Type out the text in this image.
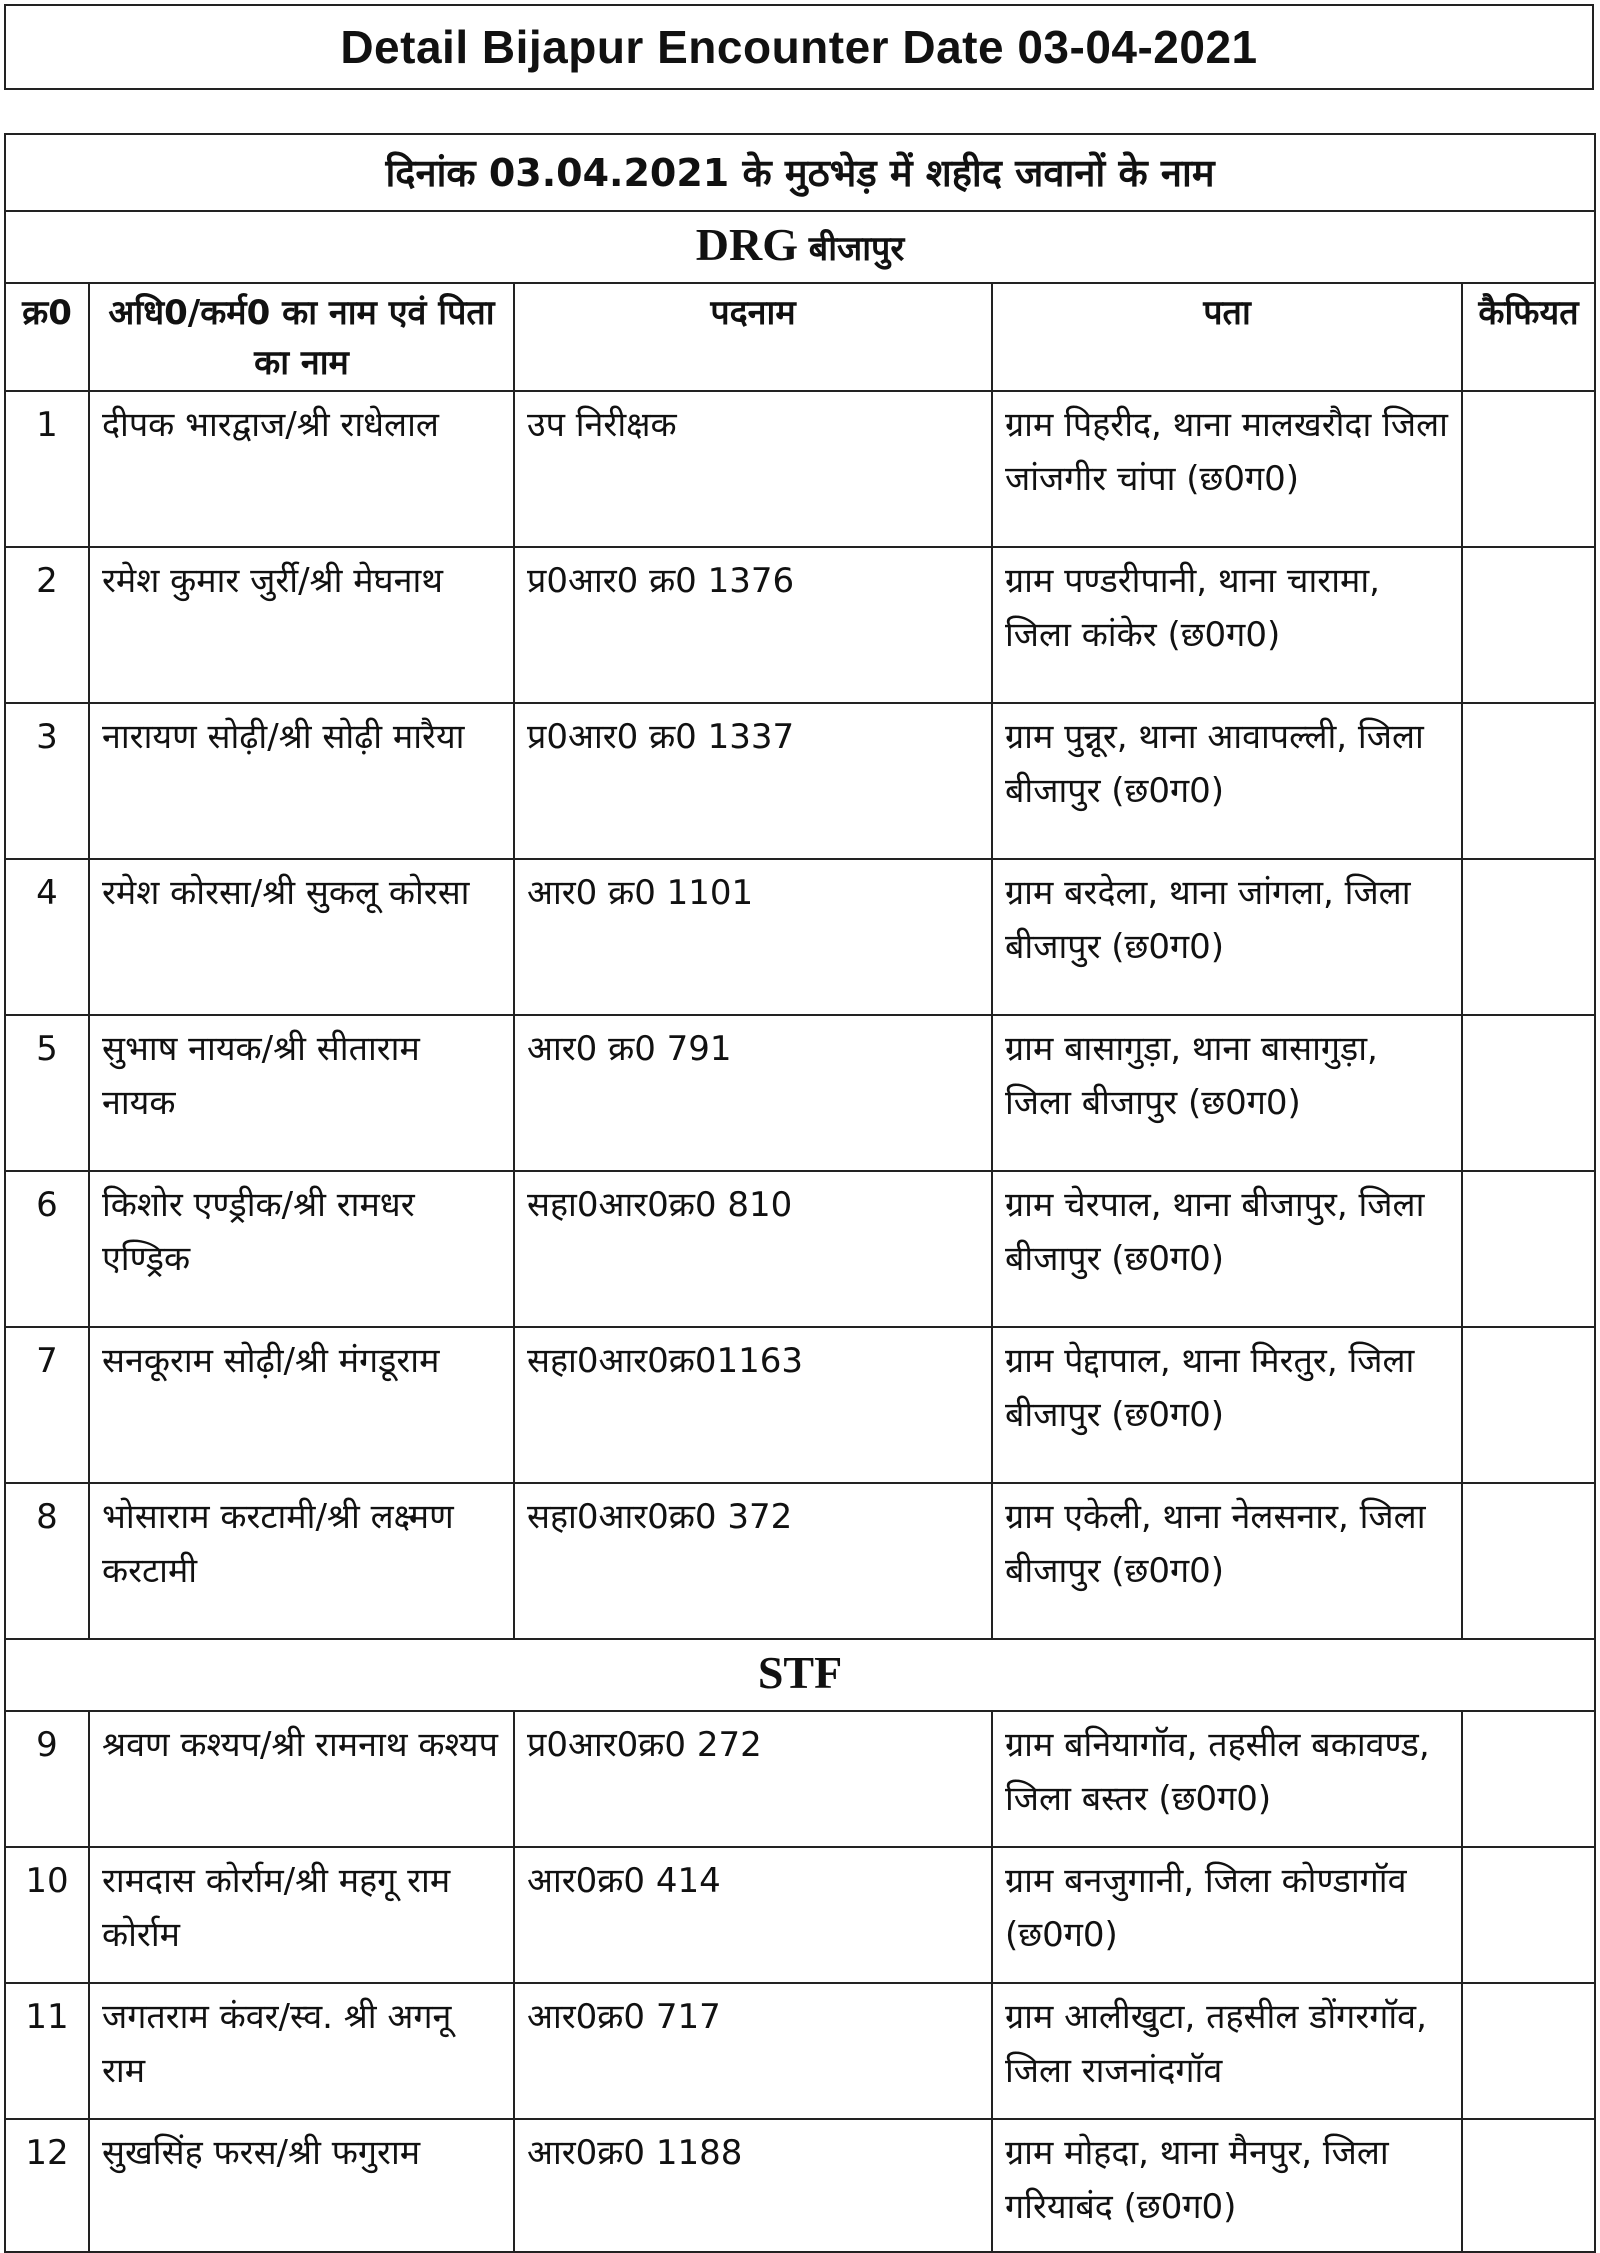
Detail Bijapur Encounter Date 03-04-2021
दिनांक 03.04.2021 के मुठभेड़ में शहीद जवानों के नाम				
DRG बीजापुर				
क्र0	अधि0/कर्म0 का नाम एवं पिता का नाम	पदनाम	पता	कैफियत
1	दीपक भारद्वाज/श्री राधेलाल	उप निरीक्षक	ग्राम पिहरीद, थाना मालखरौदा जिला जांजगीर चांपा (छ0ग0)	
2	रमेश कुमार जुर्री/श्री मेघनाथ	प्र0आर0 क्र0 1376	ग्राम पण्डरीपानी, थाना चारामा, जिला कांकेर (छ0ग0)	
3	नारायण सोढ़ी/श्री सोढ़ी मारैया	प्र0आर0 क्र0 1337	ग्राम पुन्नूर, थाना आवापल्ली, जिला बीजापुर (छ0ग0)	
4	रमेश कोरसा/श्री सुकलू कोरसा	आर0 क्र0 1101	ग्राम बरदेला, थाना जांगला, जिला बीजापुर (छ0ग0)	
5	सुभाष नायक/श्री सीताराम नायक	आर0 क्र0 791	ग्राम बासागुड़ा, थाना बासागुड़ा, जिला बीजापुर (छ0ग0)	
6	किशोर एण्ड्रीक/श्री रामधर एण्ड्रिक	सहा0आर0क्र0 810	ग्राम चेरपाल, थाना बीजापुर, जिला बीजापुर (छ0ग0)	
7	सनकूराम सोढ़ी/श्री मंगडूराम	सहा0आर0क्र01163	ग्राम पेद्दापाल, थाना मिरतुर, जिला बीजापुर (छ0ग0)	
8	भोसाराम करटामी/श्री लक्ष्मण करटामी	सहा0आर0क्र0 372	ग्राम एकेली, थाना नेलसनार, जिला बीजापुर (छ0ग0)	
STF				
9	श्रवण कश्यप/श्री रामनाथ कश्यप	प्र0आर0क्र0 272	ग्राम बनियागॉव, तहसील बकावण्ड, जिला बस्तर (छ0ग0)	
10	रामदास कोर्राम/श्री महगू राम कोर्राम	आर0क्र0 414	ग्राम बनजुगानी, जिला कोण्डागॉव (छ0ग0)	
11	जगतराम कंवर/स्व. श्री अगनू राम	आर0क्र0 717	ग्राम आलीखुटा, तहसील डोंगरगॉव, जिला राजनांदगॉव	
12	सुखसिंह फरस/श्री फगुराम	आर0क्र0 1188	ग्राम मोहदा, थाना मैनपुर, जिला गरियाबंद (छ0ग0)	
